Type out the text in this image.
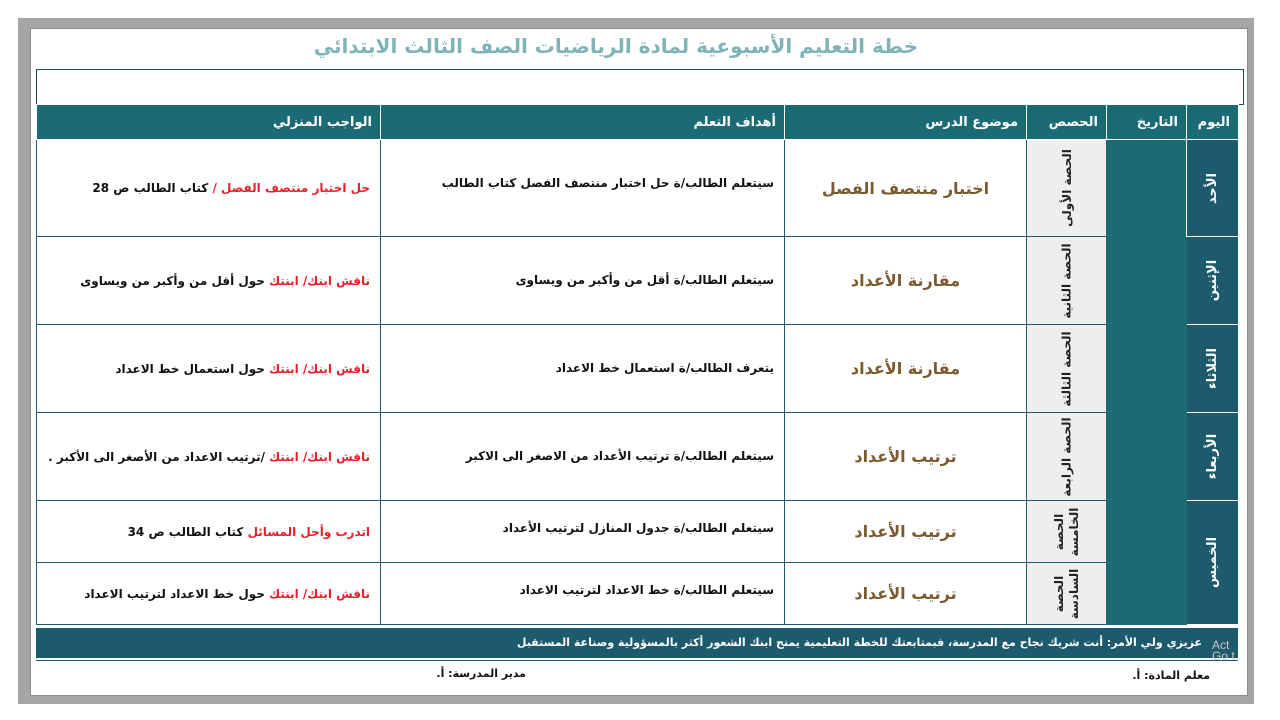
خطة التعليم الأسبوعية لمادة الرياضيات الصف الثالث الابتدائي
اليوم	التاريخ	الحصص	موضوع الدرس	أهداف التعلم	الواجب المنزلي
الأحد		الحصة الأولى	اختبار منتصف الفصل	سيتعلم الطالب/ة حل اختبار منتصف الفصل كتاب الطالب	حل اختبار منتصف الفصل / كتاب الطالب ص 28
الإثنين		الحصة الثانية	مقارنة الأعداد	سيتعلم الطالب/ة أقل من وأكبر من ويساوى	ناقش ابنك/ ابنتك حول أقل من وأكبر من ويساوى
الثلاثاء		الحصة الثالثة	مقارنة الأعداد	يتعرف الطالب/ة استعمال خط الاعداد	ناقش ابنك/ ابنتك حول استعمال خط الاعداد
الأربعاء		الحصة الرابعة	ترتيب الأعداد	سيتعلم الطالب/ة ترتيب الأعداد من الاصغر الى الاكبر	ناقش ابنك/ ابنتك /ترتيب الاعداد من الأصغر الى الأكبر .
الخميس		الحصة الخامسة	ترتيب الأعداد	سيتعلم الطالب/ة جدول المنازل لترتيب الأعداد	اتدرب وأحل المسائل كتاب الطالب ص 34
		الحصة السادسة	ترتيب الأعداد	سيتعلم الطالب/ة خط الاعداد لترتيب الاعداد	ناقش ابنك/ ابنتك حول خط الاعداد لترتيب الاعداد
عزيزي ولي الأمر: أنت شريك نجاح مع المدرسة، فبمتابعتك للخطة التعليمية يمنح ابنك الشعور أكثر بالمسؤولية وصناعة المستقبل
معلم المادة: أ.
مدير المدرسة: أ.
Act
Go t
